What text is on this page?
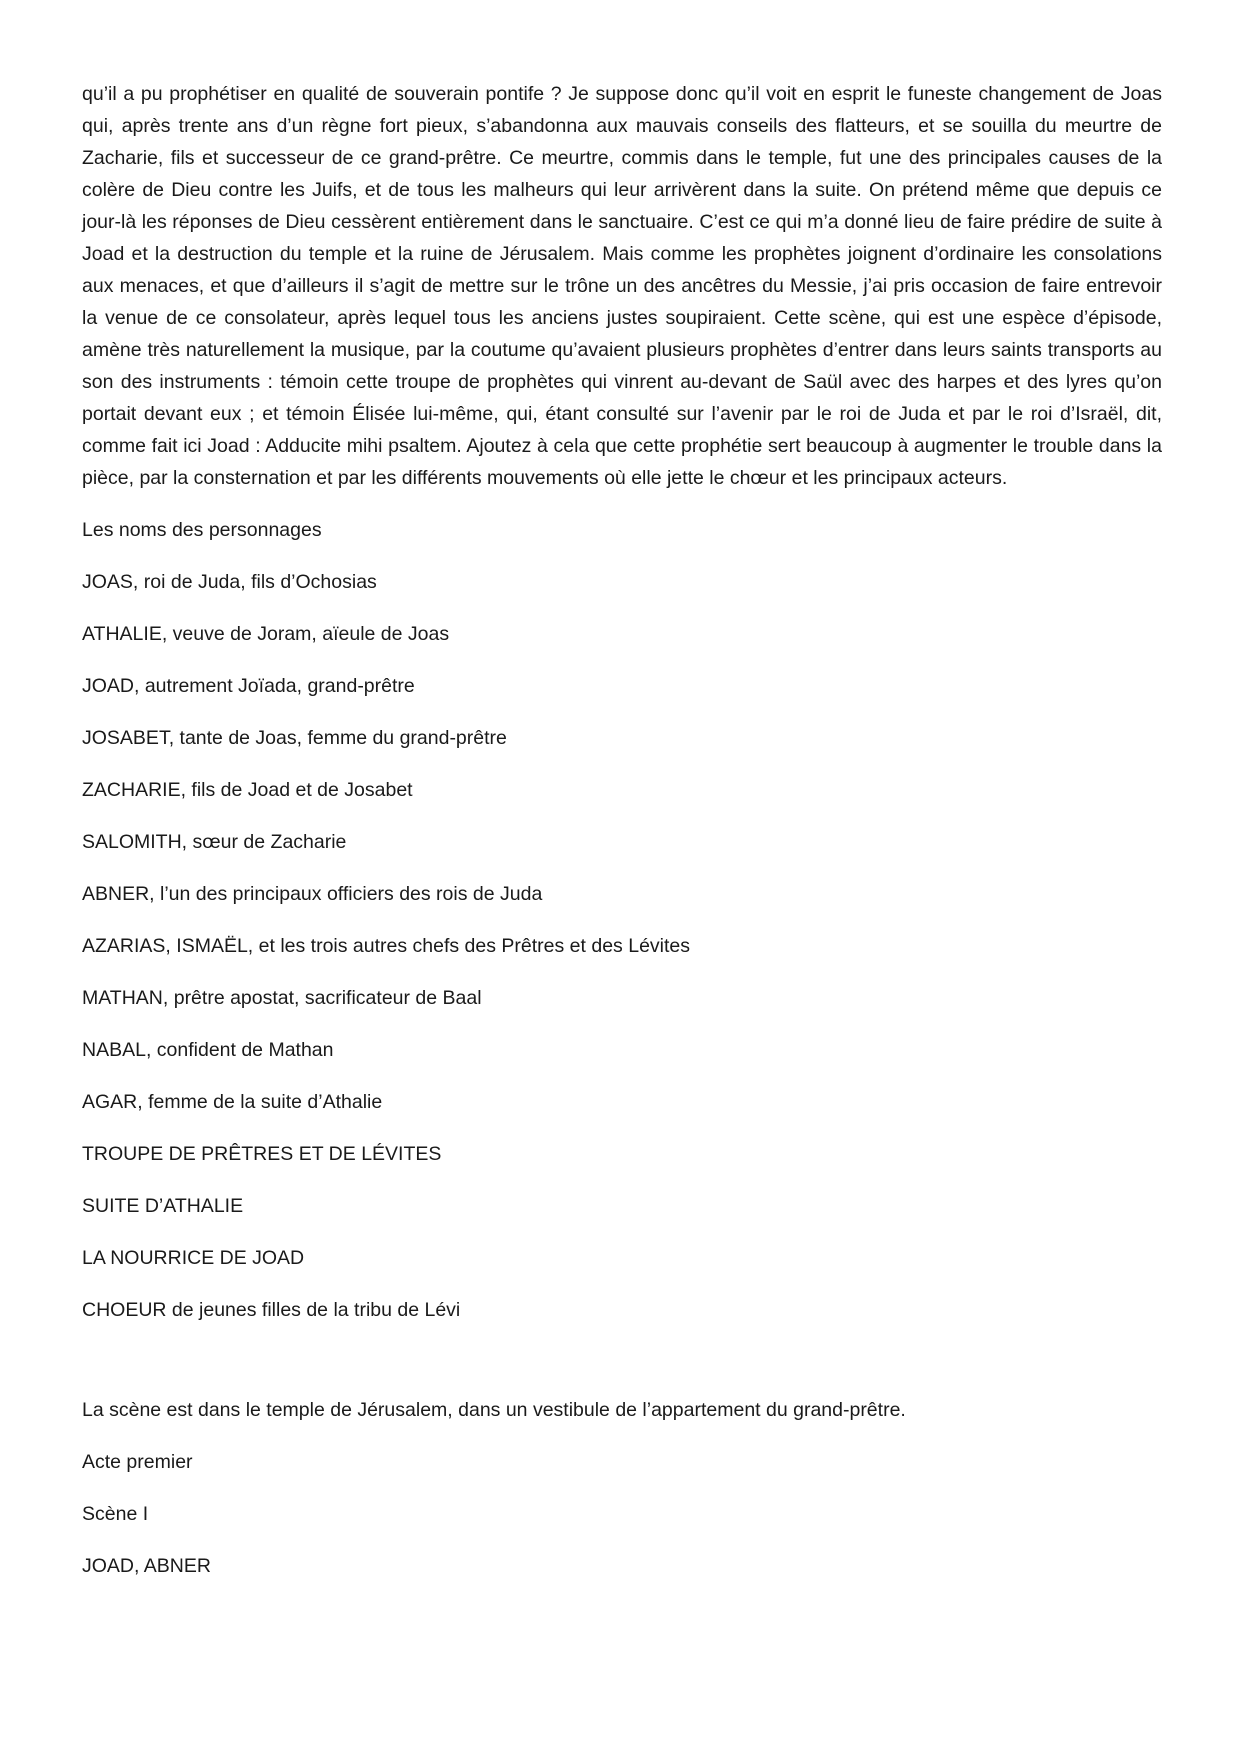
qu’il a pu prophétiser en qualité de souverain pontife ? Je suppose donc qu’il voit en esprit le funeste changement de Joas qui, après trente ans d’un règne fort pieux, s’abandonna aux mauvais conseils des flatteurs, et se souilla du meurtre de Zacharie, fils et successeur de ce grand-prêtre. Ce meurtre, commis dans le temple, fut une des principales causes de la colère de Dieu contre les Juifs, et de tous les malheurs qui leur arrivèrent dans la suite. On prétend même que depuis ce jour-là les réponses de Dieu cessèrent entièrement dans le sanctuaire. C’est ce qui m’a donné lieu de faire prédire de suite à Joad et la destruction du temple et la ruine de Jérusalem. Mais comme les prophètes joignent d’ordinaire les consolations aux menaces, et que d’ailleurs il s’agit de mettre sur le trône un des ancêtres du Messie, j’ai pris occasion de faire entrevoir la venue de ce consolateur, après lequel tous les anciens justes soupiraient. Cette scène, qui est une espèce d’épisode, amène très naturellement la musique, par la coutume qu’avaient plusieurs prophètes d’entrer dans leurs saints transports au son des instruments : témoin cette troupe de prophètes qui vinrent au-devant de Saül avec des harpes et des lyres qu’on portait devant eux ; et témoin Élisée lui-même, qui, étant consulté sur l’avenir par le roi de Juda et par le roi d’Israël, dit, comme fait ici Joad : Adducite mihi psaltem. Ajoutez à cela que cette prophétie sert beaucoup à augmenter le trouble dans la pièce, par la consternation et par les différents mouvements où elle jette le chœur et les principaux acteurs.

Les noms des personnages

JOAS, roi de Juda, fils d’Ochosias

ATHALIE, veuve de Joram, aïeule de Joas

JOAD, autrement Joïada, grand-prêtre

JOSABET, tante de Joas, femme du grand-prêtre

ZACHARIE, fils de Joad et de Josabet

SALOMITH, sœur de Zacharie

ABNER, l’un des principaux officiers des rois de Juda

AZARIAS, ISMAËL, et les trois autres chefs des Prêtres et des Lévites

MATHAN, prêtre apostat, sacrificateur de Baal

NABAL, confident de Mathan

AGAR, femme de la suite d’Athalie

TROUPE DE PRÊTRES ET DE LÉVITES

SUITE D’ATHALIE

LA NOURRICE DE JOAD

CHOEUR de jeunes filles de la tribu de Lévi

La scène est dans le temple de Jérusalem, dans un vestibule de l’appartement du grand-prêtre.

Acte premier

Scène I

JOAD, ABNER
